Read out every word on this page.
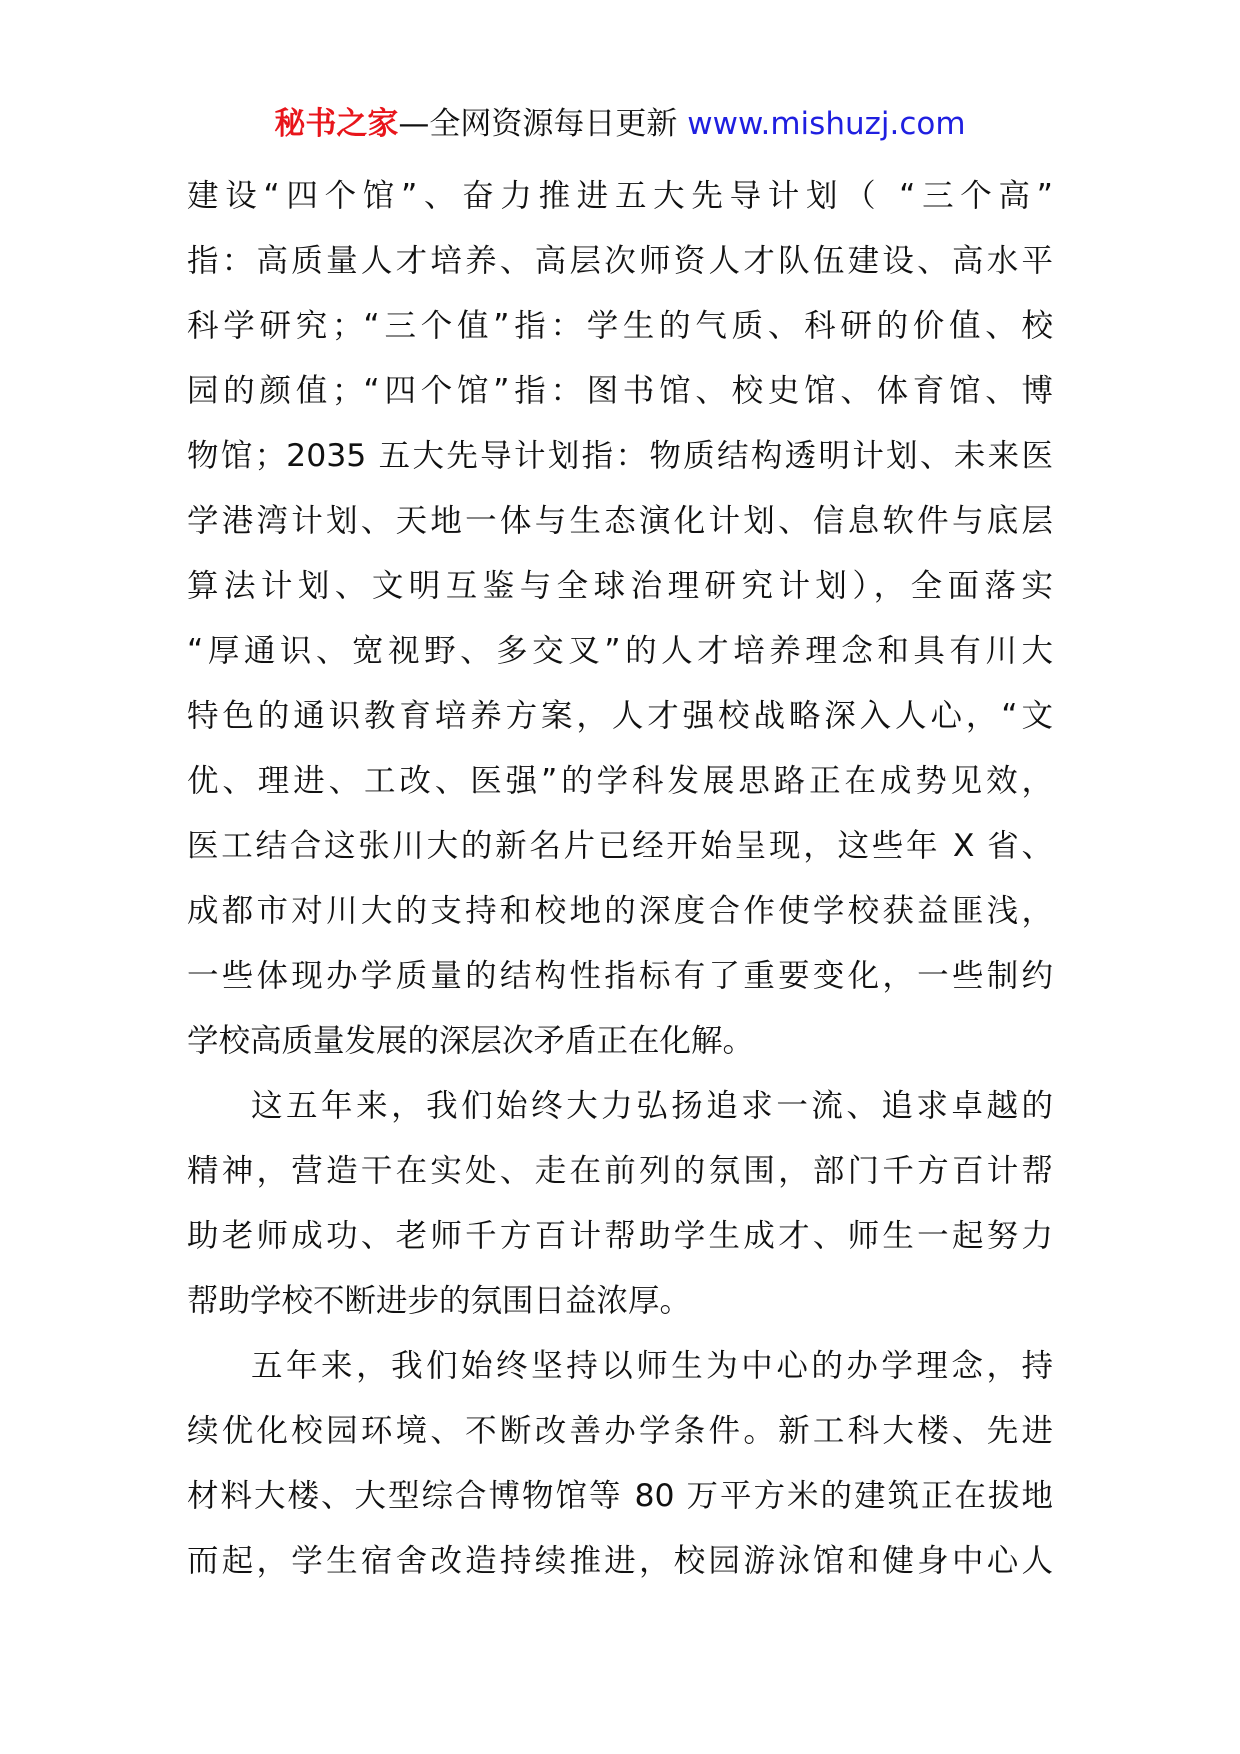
秘书之家—全网资源每日更新 www.mishuzj.com
建设“四个馆”、奋力推进五大先导计划（ “三个高”
指：高质量人才培养、高层次师资人才队伍建设、高水平
科学研究；“三个值”指：学生的气质、科研的价值、校
园的颜值；“四个馆”指：图书馆、校史馆、体育馆、博
物馆；2035 五大先导计划指：物质结构透明计划、未来医
学港湾计划、天地一体与生态演化计划、信息软件与底层
算法计划、文明互鉴与全球治理研究计划），全面落实
“厚通识、宽视野、多交叉”的人才培养理念和具有川大
特色的通识教育培养方案，人才强校战略深入人心，“文
优、理进、工改、医强”的学科发展思路正在成势见效，
医工结合这张川大的新名片已经开始呈现，这些年 X 省、
成都市对川大的支持和校地的深度合作使学校获益匪浅，
一些体现办学质量的结构性指标有了重要变化，一些制约
学校高质量发展的深层次矛盾正在化解。
这五年来，我们始终大力弘扬追求一流、追求卓越的
精神，营造干在实处、走在前列的氛围，部门千方百计帮
助老师成功、老师千方百计帮助学生成才、师生一起努力
帮助学校不断进步的氛围日益浓厚。
五年来，我们始终坚持以师生为中心的办学理念，持
续优化校园环境、不断改善办学条件。新工科大楼、先进
材料大楼、大型综合博物馆等 80 万平方米的建筑正在拔地
而起，学生宿舍改造持续推进，校园游泳馆和健身中心人
